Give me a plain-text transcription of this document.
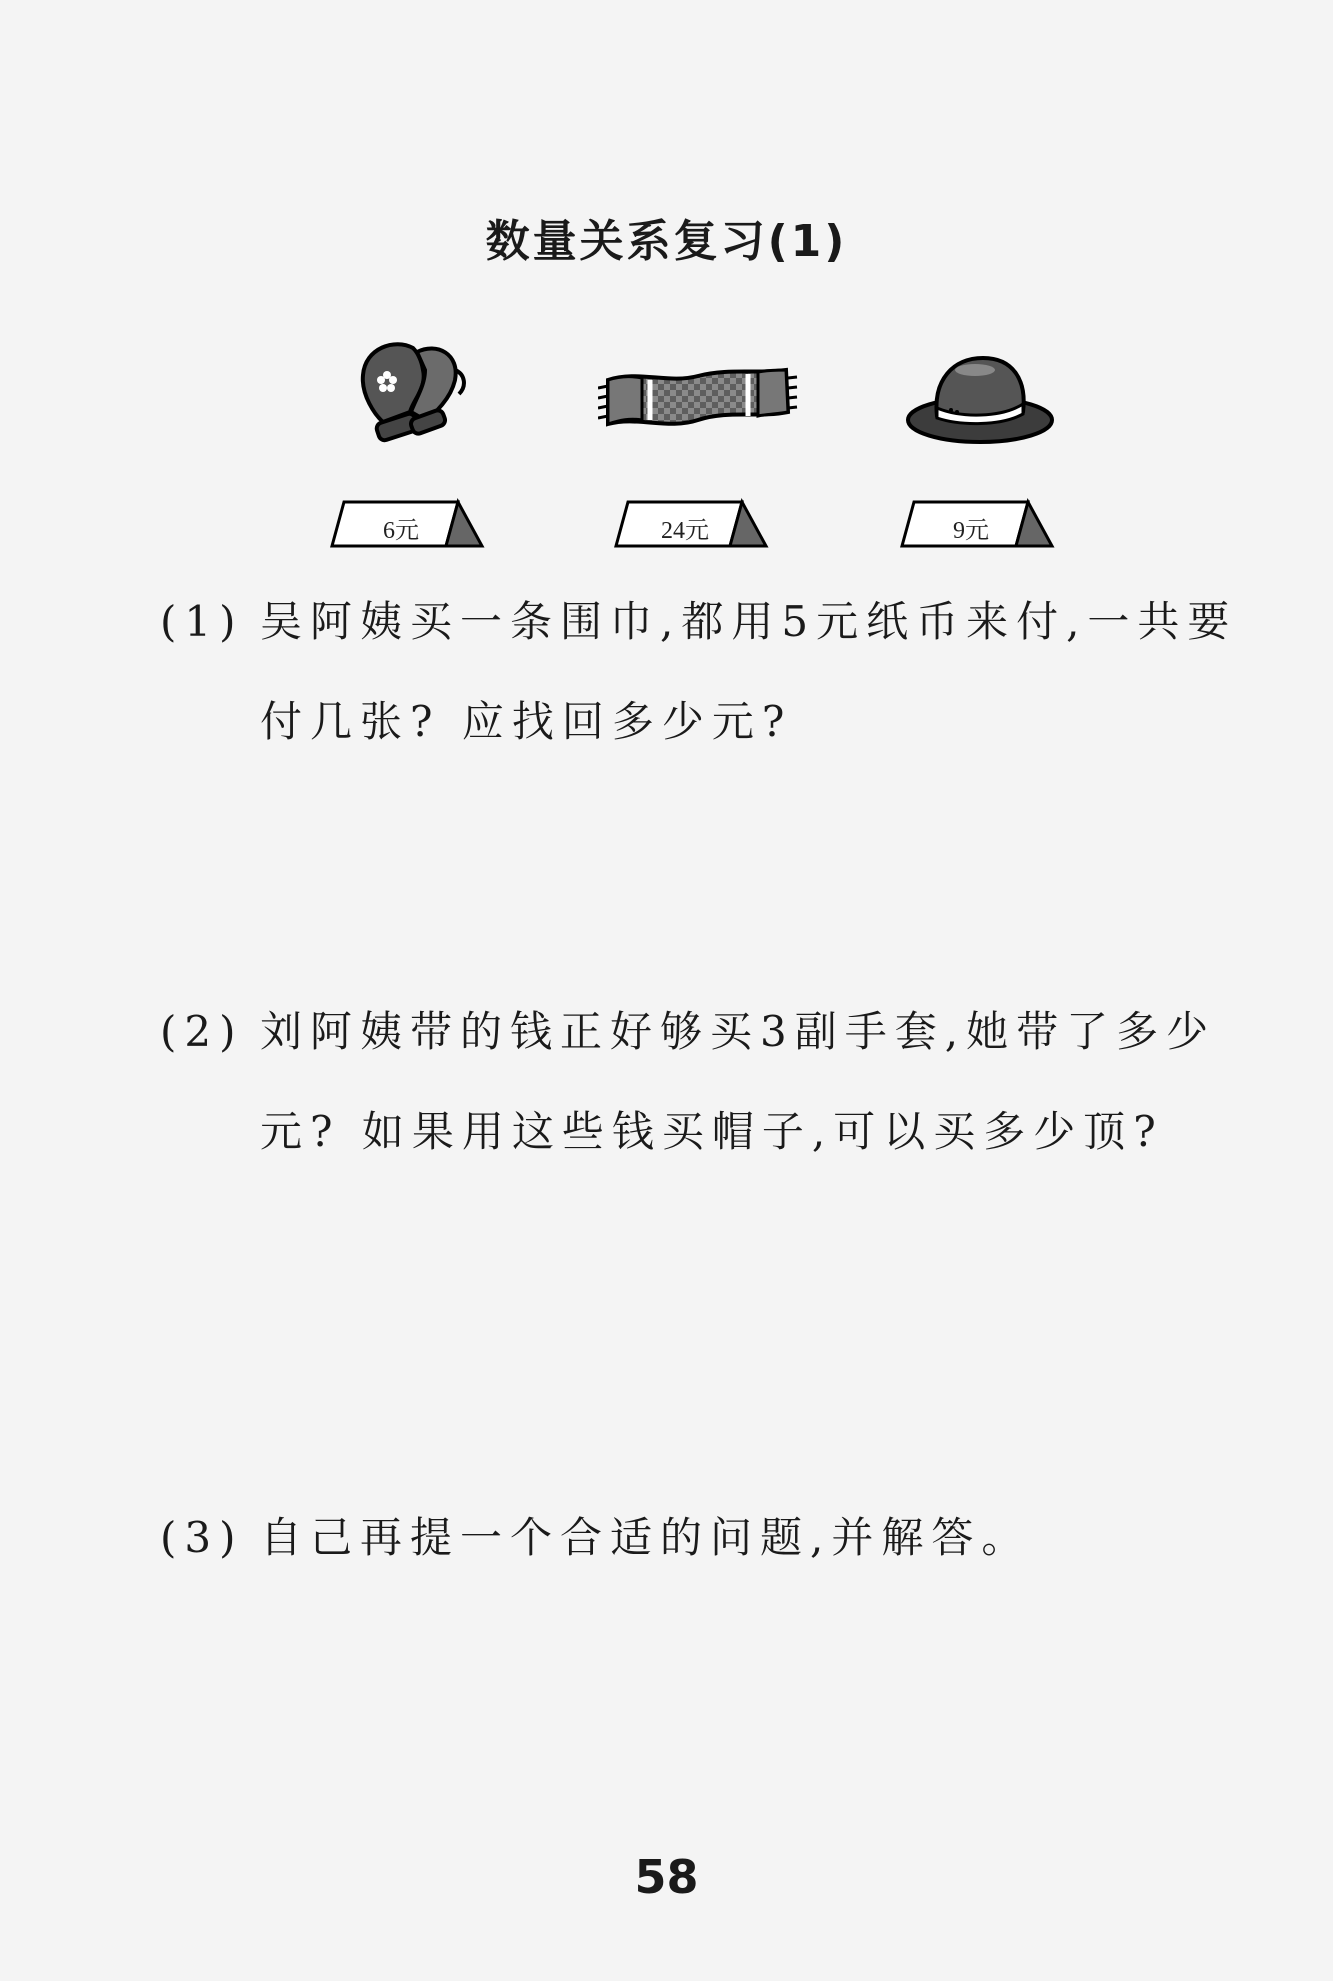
数量关系复习(1)
6元	24元	9元
(1) 吴阿姨买一条围巾,都用5元纸币来付,一共要付几张? 应找回多少元?
(2) 刘阿姨带的钱正好够买3副手套,她带了多少元? 如果用这些钱买帽子,可以买多少顶?
(3) 自己再提一个合适的问题,并解答。
58
